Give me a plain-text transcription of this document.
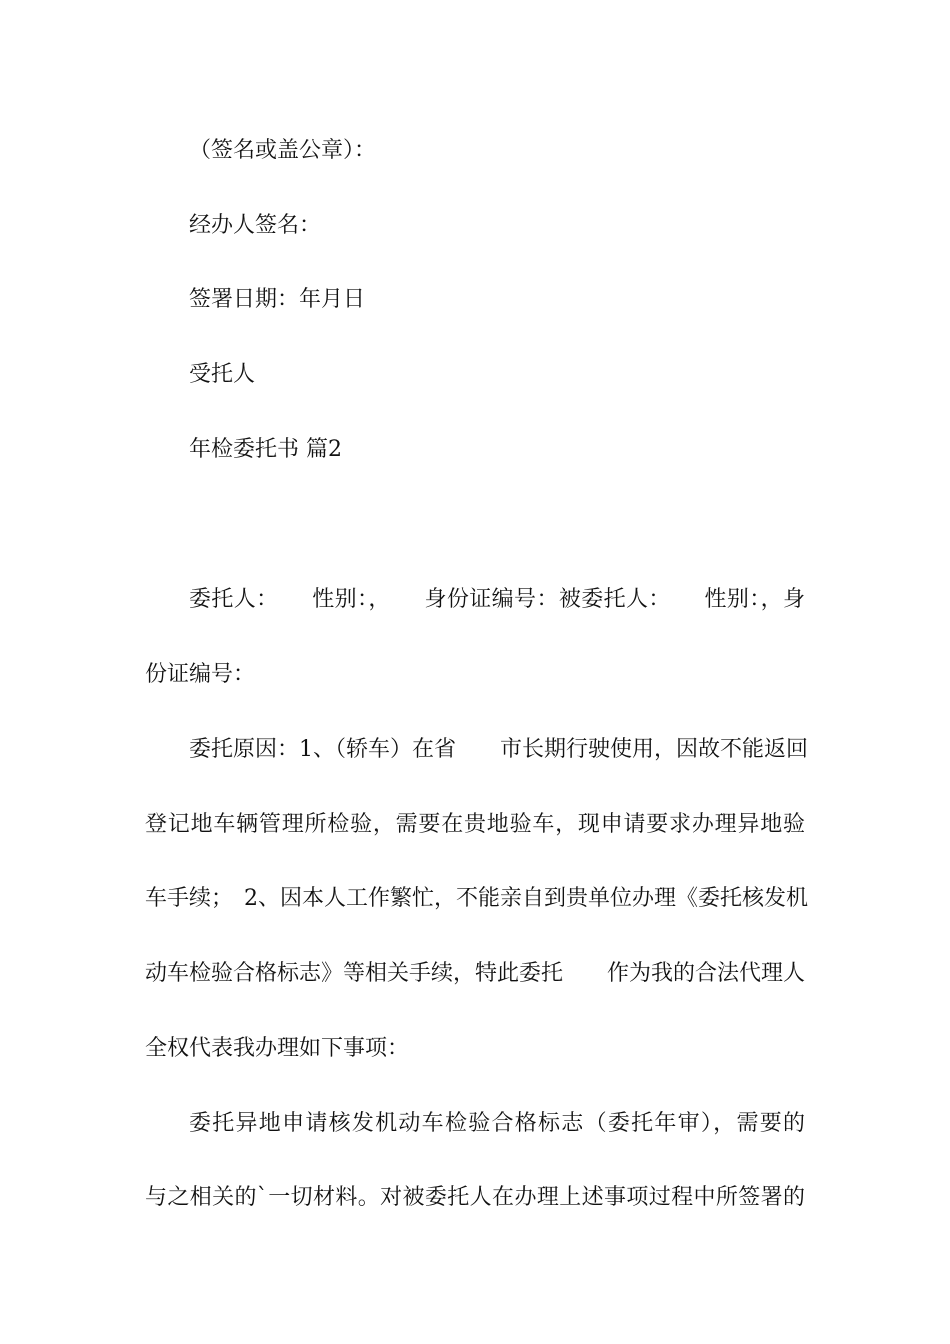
（签名或盖公章）：
经办人签名：
签署日期：年月日
受托人
年检委托书 篇2
委托人：　　性别：，　　身份证编号：被委托人：　　性别：，身
份证编号：
委托原因：1、（轿车）在省　　市长期行驶使用，因故不能返回
登记地车辆管理所检验，需要在贵地验车，现申请要求办理异地验
车手续；　2、因本人工作繁忙，不能亲自到贵单位办理《委托核发机
动车检验合格标志》等相关手续，特此委托　　作为我的合法代理人
全权代表我办理如下事项：
委托异地申请核发机动车检验合格标志（委托年审），需要的
与之相关的`一切材料。对被委托人在办理上述事项过程中所签署的
